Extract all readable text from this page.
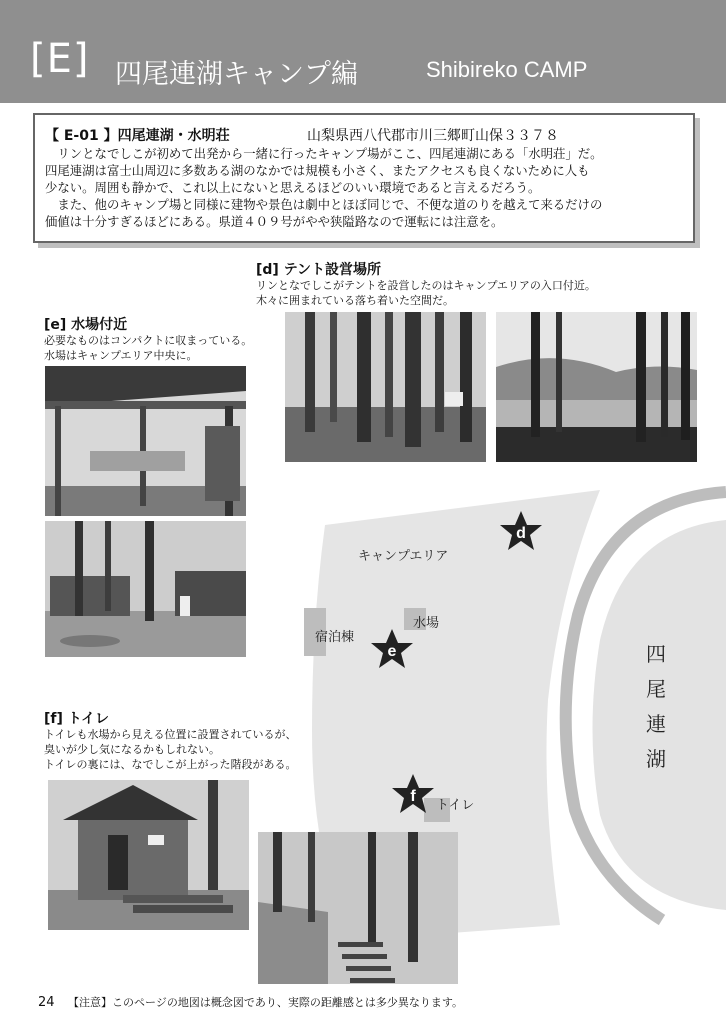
[E] 四尾連湖キャンプ編	Shibireko CAMP
【 E-01 】四尾連湖・水明荘	山梨県西八代郡市川三郷町山保３３７８

リンとなでしこが初めて出発から一緒に行ったキャンプ場がここ、四尾連湖にある「水明荘」だ。

四尾連湖は富士山周辺に多数ある湖のなかでは規模も小さく、またアクセスも良くないために人も

少ない。周囲も静かで、これ以上にないと思えるほどのいい環境であると言えるだろう。

また、他のキャンプ場と同様に建物や景色は劇中とほぼ同じで、不便な道のりを越えて来るだけの

価値は十分すぎるほどにある。県道４０９号がやや狭隘路なので運転には注意を。

d
e
f
キャンプエリア
宿泊棟
水場
トイレ
四尾連湖
[d] テント設営場所

リンとなでしこがテントを設営したのはキャンプエリアの入口付近。

木々に囲まれている落ち着いた空間だ。

[e] 水場付近

必要なものはコンパクトに収まっている。

水場はキャンプエリア中央に。

[f] トイレ

トイレも水場から見える位置に設置されているが、

臭いが少し気になるかもしれない。

トイレの裏には、なでしこが上がった階段がある。

24 【注意】このページの地図は概念図であり、実際の距離感とは多少異なります。
